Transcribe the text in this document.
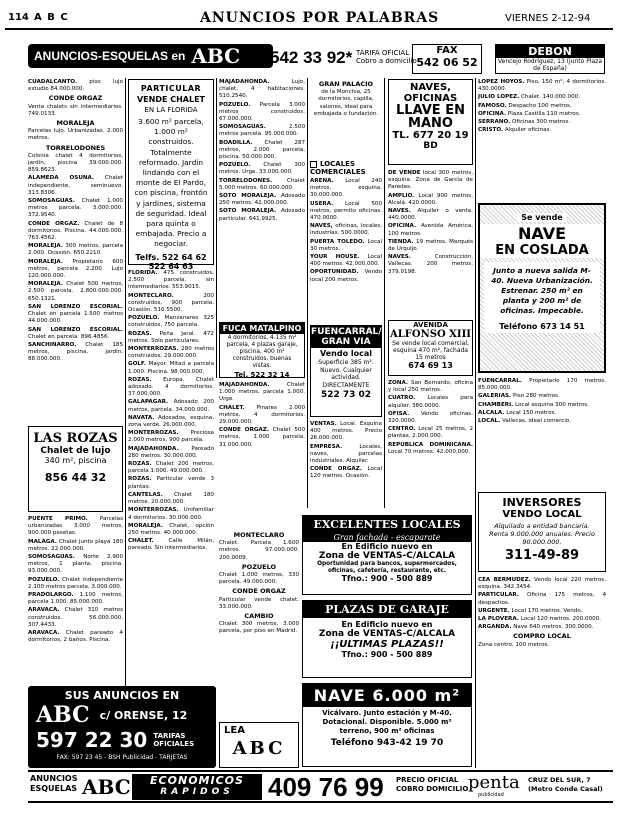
114 A B C	ANUNCIOS POR PALABRAS	VIERNES 2-12-94
ANUNCIOS-ESQUELAS en ABC 542 33 92* TARIFA OFICIAL
Cobro a domicilio
FAX
542 06 52
DEBON
Vencejo Rodríguez, 13 (junto Plaza de España)

CUADALCANTO. piso lujo estudio 84.000.000.

CONDE ORGAZ

Venta chalets sin intermediarios. 749.0133.

MORALEJA

Parcelas lujo. Urbanizadas. 2.000 metros.

TORRELODONES

Colonia chalet 4 dormitorios, jardín, piscina 39.000.000. 859.8623.

ALAMEDA OSUNA. Chalet independiente, seminuevo. 313.8306.

SOMOSAGUAS. Chalet 1.000 metros parcela. 3.000.000. 372.9540.

CONDE ORGAZ. Chalet de 8 dormitorios. Piscina. 44.000.000. 763.4562.

MORALEJA. 300 metros, parcela 2.000. Ocasión. 650.2210.

MORALEJA. Propietario 600 metros, parcela 2.200. Lujo 120.000.000.

MORALEJA. Chalet 500 metros, 2.500 parcela. 2.800.000.000. 650.1321.

SAN LORENZO ESCORIAL. Chalet en parcela 1.500 metros 44.000.000.

SAN LORENZO ESCORIAL. Chalet en parcela. 896.4856.

SANCHINARRO. Chalet 185 metros, piscina, jardín. 88.000.000.

LAS ROZAS
Chalet de lujo
340 m², piscina
856 44 32

PUENTE PRIMO. Parcelas urbanizadas 3.000 metros, 900.000 pesetas.

MALAGA. Chalet junto playa 180 metros. 22.000.000.

SOMOSAGUAS. Norte 2.900 metros, 1 planta, piscina. 93.000.000.

POZUELO. Chalet independiente 2.100 metros parcela. 3.000.000.

PRADOLARGO. 1.100 metros, parcela 1.000. 85.000.000.

ARAVACA. Chalet 310 metros construidos. 56.000.000. 307.4433.

ARAVACA. Chalet pareado 4 dormitorios, 2 baños. Piscina.

SUS ANUNCIOS EN
ABC c/ ORENSE, 12
597 22 30 TARIFAS
OFICIALES
FAX: 597 23 45 - BSH Publicidad - TARJETAS
PARTICULAR
VENDE CHALET
EN LA FLORIDA
3.600 m² parcela, 1.000 m² construidos. Totalmente reformado. Jardín lindando con el monte de El Pardo, con piscina, frontón y jardines, sistema de seguridad. Ideal para quinta o embajada. Precio a negociar.
Telfs. 522 64 62
522 64 63

FLORIDA. 475 construidos, 2.500 parcela, sin intermediarios. 553.9015.

MONTECLARO.	200 construidos, 900 parcela. Ocasión. 510.5500.

POZUELO. Manzanares 325 construidos, 750 parcela.

ROZAS. Peña Jaral. 472 metros. Solo particulares.

MONTERROZAS. 280 metros construidos. 29.000.000.

GOLF. Mayor. Mitad a parcela 1.000. Piscina. 98.000.000.

ROZAS. Europa. Chalet adosado. 4 dormitorios. 37.000.000.

GALAPAGAR. Adosado 200 metros, parcela. 34.000.000.

NAVATA. Adosados, esquina, zona verde. 26.000.000.

MONTERROZAS. Preciosa 2.000 metros, 900 parcela.

MAJADAHONDA. Pareado 280 metros. 30.000.000.

ROZAS. Chalet 200 metros, parcela 1.000. 49.000.000.

ROZAS. Particular vende 3 plantas.

CANTELAS. Chalet 180 metros. 20.000.000.

MONTERROZAS. Unifamiliar 4 dormitorios. 30.000.000.

MORALEJA. Chalet, opción 250 metros. 40.000.000.

CHALET.	Calle Milán, pareado. Sin intermediarios.

MAJADAHONDA.	Lujo, chalet, 4 habitaciones. 510.2540.

POZUELO. Parcela 3.000 metros construidos. 67.000.000.

SOMOSAGUAS.	2.500 metros parcela. 95.000.000.

BOADILLA. Chalet 287 metros, 2.000 parcela, piscina. 50.000.000.

POZUELO. Chalet 300 metros. Urge. 33.000.000.

TORRELODONES.	Chalet 5.000 metros. 60.000.000.

SOTO MORALEJA. Adosado 250 metros. 42.000.000.

SOTO MORALEJA. Adosado particular. 641.9925.

FUCA MATALPINO
4 dormitorios, 4.135 m² parcela, 4 plazas garaje, piscina, 400 m² construidos, buenas vistas.
Tel. 522 32 14

MAJADAHONDA.	Chalet 1.000 metros, parcela 1.000. Urge.

CHALET. Pinares 2.000 metros, 4 dormitorios. 29.000.000.

CONDE ORGAZ. Chalet 500 metros, 1.000 parcela. 31.000.000.

GRAN PALACIO

de la Moncloa, 25 dormitorios, capilla, salones, ideal para embajada o fundación.

LOCALES COMERCIALES

ARENA. Local 240 metros, esquina. 30.000.000.

USERA. Local 500 metros, permito oficinas. 470.0000.

NAVES, oficinas, locales, industrias. 500.0000.

PUERTA TOLEDO. Local 30 metros.

YOUR HOUSE. Local 400 metros. 42.000.000.

OPORTUNIDAD. Vendo local 200 metros.

FUENCARRAL/
GRAN VIA
Vendo local
Superficie 385 m². Nuevo. Cualquier actividad. DIRECTAMENTE
522 73 02

VENTAS. Local. Esquina 400 metros. Precio 26.000.000.

EMPRESA.	Locales, naves, parcelas industriales. Alquiler.

CONDE ORGAZ. Local 120 metros. Ocasión.

NAVES,
OFICINAS
LLAVE EN
MANO
TL. 677 20 19
BD

DE VENDE local 300 metros, esquina. Zona de García de Paredes.

AMPLIO. Local 900 metros, Alcalá. 420.0000.

NAVES. Alquiler o venta. 440.0000.

OFICINA. Avenida América, 100 metros.

TIENDA. 19 metros, Marqués de Urquijo.

NAVES.	Construcción, Vallecas. 200 metros. 379.0198.

AVENIDA
ALFONSO XIII
Se vende local comercial, esquina 470 m², fachada 15 metros
674 69 13

ZONA. San Bernardo, oficina y local 250 metros.

CUATRO. Locales para alquiler. 380.0000.

OFISA. Vendo oficinas. 320.0000.

CENTRO. Local 25 metros, 2 plantas. 2.000.000.

REPUBLICA DOMINICANA. Local 70 metros. 42.000.000.

LOPEZ HOYOS. Piso, 150 m², 4 dormitorios. 430.0000.

JULIO LOPEZ. Chalet. 140.000.000.

FAMOSO. Despacho 100 metros.

OFICINA. Plaza Castilla 110 metros.

SERRANO. Oficinas 300 metros.

CRISTO. Alquiler oficinas.

Se vende
NAVE
EN COSLADA
Junto a nueva salida M-40. Nueva Urbanización. Estrenar. 250 m² en planta y 200 m² de oficinas. Impecable.
Teléfono 673 14 51

FUENCARRAL. Propietario 170 metros. 85.000.000.

GALERIAS. Piso 280 metros.

CHAMBERI. Local esquina 300 metros.

ALCALA. Local 150 metros.

LOCAL. Vallecas, ideal comercio.

INVERSORES
VENDO LOCAL
Alquilado a entidad bancaria. Renta 9.000.000 anuales. Precio 90.000.000.
311-49-89

CEA BERMUDEZ. Vendo local 220 metros, esquina. 342.3454.

PARTICULAR. Oficina 175 metros, 4 despachos.

URGENTE. Local 170 metros. Vendo.

LA PLOVERA. Local 120 metros. 200.0000.

ARGANDA. Nave 640 metros. 300.0000.

COMPRO LOCAL

Zona centro, 100 metros.

EXCELENTES LOCALES
Gran fachada - escaparate
En Edificio nuevo en
Zona de VENTAS-C/ALCALA
Oportunidad para bancos, supermercados, oficinas, cafetería, restaurante, etc.
Tfno.: 900 - 500 889
PLAZAS DE GARAJE
En Edificio nuevo en
Zona de VENTAS-C/ALCALA
¡¡ULTIMAS PLAZAS!!
Tfno.: 900 - 500 889
NAVE 6.000 m²
Vicálvaro. Junto estación y M-40. Dotacional. Disponible. 5.000 m² terreno, 900 m² oficinas
Teléfono 943-42 19 70

MONTECLARO

Chalet. Parcela 1.600 metros. 97.000.000. 200.0009.

POZUELO

Chalet 1.000 metros, 330 parcela. 49.000.000.

CONDE ORGAZ

Particular vende chalet. 33.000.000.

CAMBIO

Chalet 300 metros, 3.000 parcela, por piso en Madrid.

LEA
ABC
ANUNCIOS
ESQUELAS ABC	ECONOMICOS
RAPIDOS	409 76 99 PRECIO OFICIAL
COBRO DOMICILIO penta
publicidad
CRUZ DEL SUR, 7
(Metro Conde Casal)
